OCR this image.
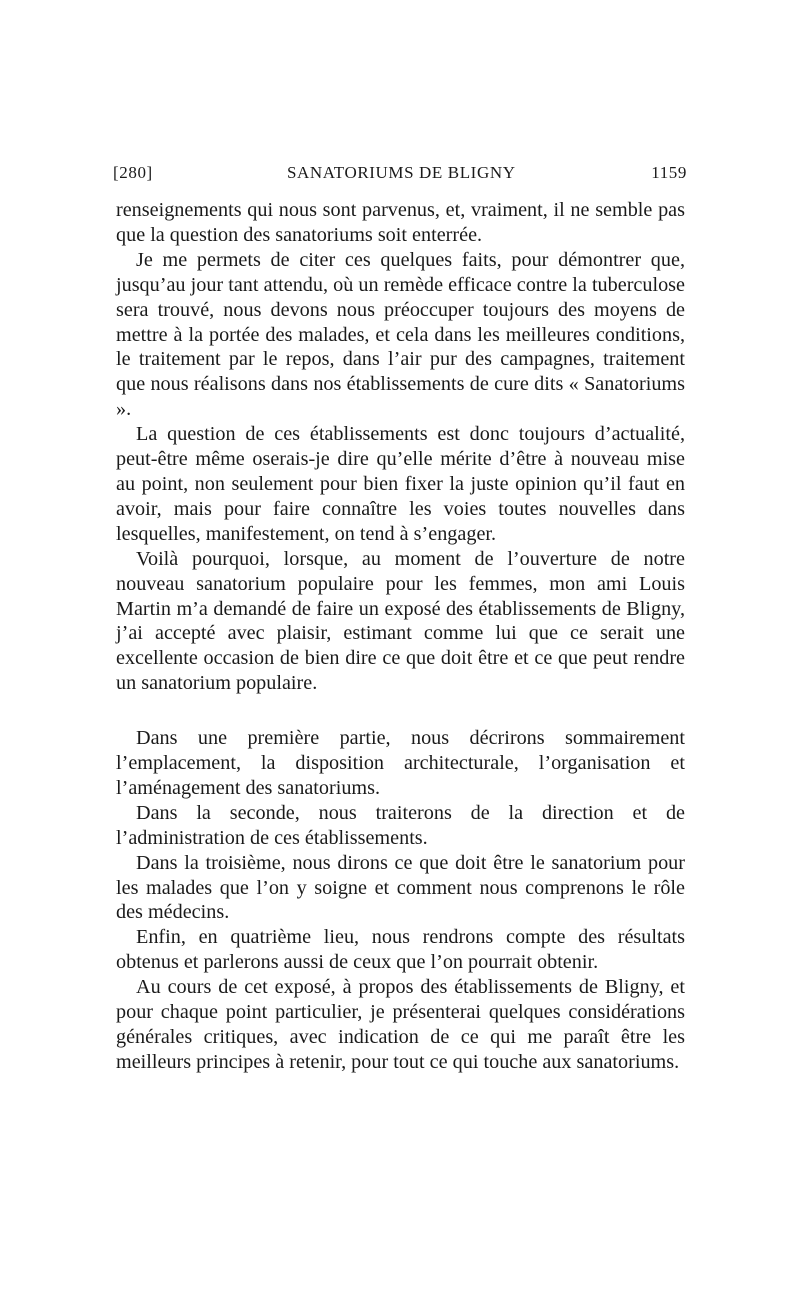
[280]	SANATORIUMS DE BLIGNY	1159

renseignements qui nous sont parvenus, et, vraiment, il ne semble pas que la question des sanatoriums soit enterrée.

Je me permets de citer ces quelques faits, pour démontrer que, jusqu’au jour tant attendu, où un remède efficace contre la tuberculose sera trouvé, nous devons nous préoccuper toujours des moyens de mettre à la portée des malades, et cela dans les meilleures conditions, le traitement par le repos, dans l’air pur des campagnes, traitement que nous réalisons dans nos établissements de cure dits « Sanatoriums ».

La question de ces établissements est donc toujours d’actualité, peut-être même oserais-je dire qu’elle mérite d’être à nouveau mise au point, non seulement pour bien fixer la juste opinion qu’il faut en avoir, mais pour faire connaître les voies toutes nouvelles dans lesquelles, manifestement, on tend à s’engager.

Voilà pourquoi, lorsque, au moment de l’ouverture de notre nouveau sanatorium populaire pour les femmes, mon ami Louis Martin m’a demandé de faire un exposé des établissements de Bligny, j’ai accepté avec plaisir, estimant comme lui que ce serait une excellente occasion de bien dire ce que doit être et ce que peut rendre un sanatorium populaire.

Dans une première partie, nous décrirons sommairement l’emplacement, la disposition architecturale, l’organisation et l’aménagement des sanatoriums.

Dans la seconde, nous traiterons de la direction et de l’administration de ces établissements.

Dans la troisième, nous dirons ce que doit être le sanatorium pour les malades que l’on y soigne et comment nous comprenons le rôle des médecins.

Enfin, en quatrième lieu, nous rendrons compte des résultats obtenus et parlerons aussi de ceux que l’on pourrait obtenir.

Au cours de cet exposé, à propos des établissements de Bligny, et pour chaque point particulier, je présenterai quelques considérations générales critiques, avec indication de ce qui me paraît être les meilleurs principes à retenir, pour tout ce qui touche aux sanatoriums.
